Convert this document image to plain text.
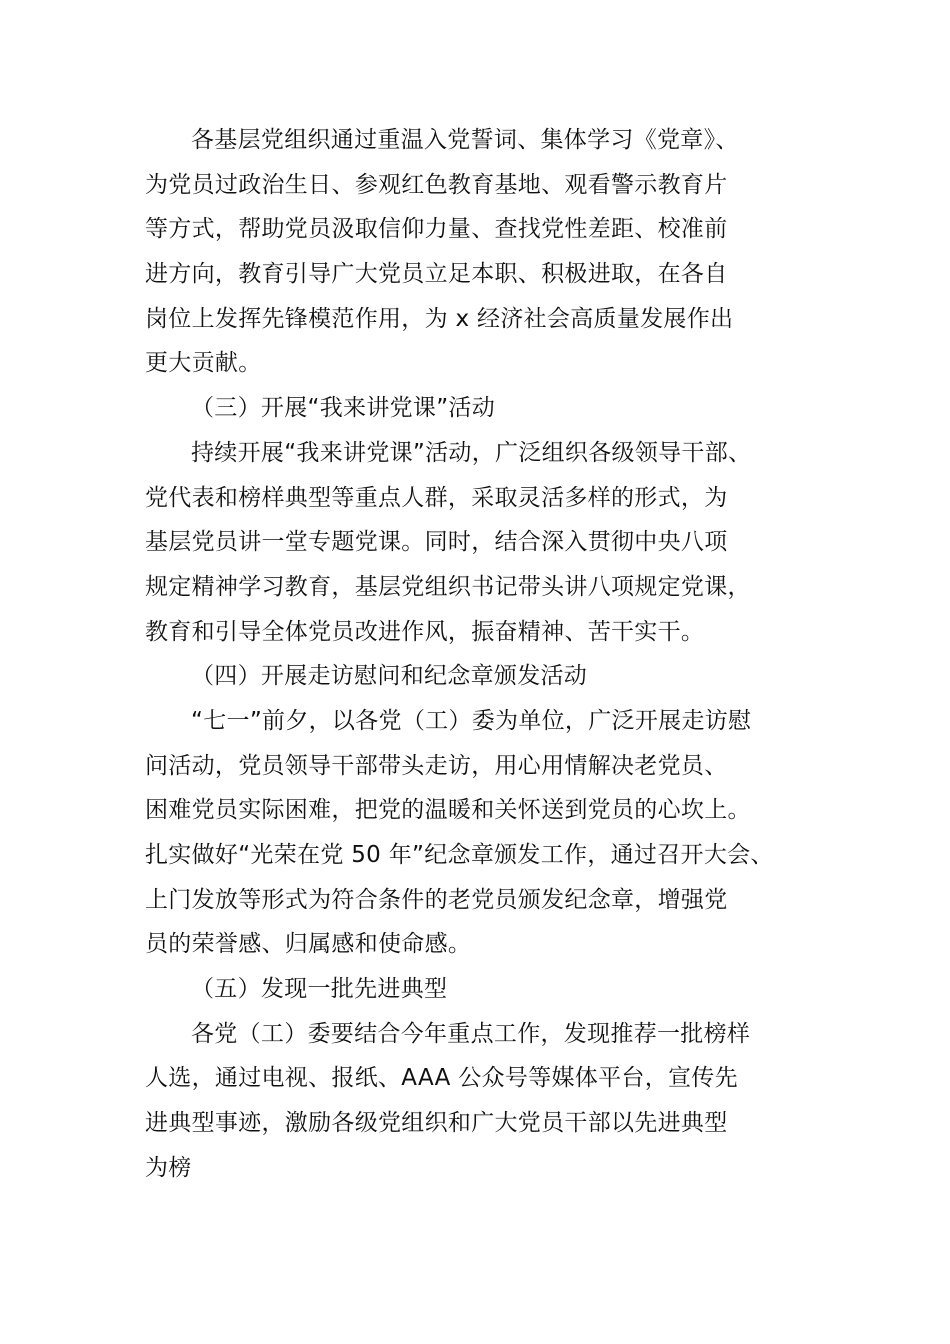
各基层党组织通过重温入党誓词、集体学习《党章》、
为党员过政治生日、参观红色教育基地、观看警示教育片
等方式，帮助党员汲取信仰力量、查找党性差距、校准前
进方向，教育引导广大党员立足本职、积极进取，在各自
岗位上发挥先锋模范作用，为 x 经济社会高质量发展作出
更大贡献。
（三）开展“我来讲党课”活动
持续开展“我来讲党课”活动，广泛组织各级领导干部、
党代表和榜样典型等重点人群，采取灵活多样的形式，为
基层党员讲一堂专题党课。同时，结合深入贯彻中央八项
规定精神学习教育，基层党组织书记带头讲八项规定党课，
教育和引导全体党员改进作风，振奋精神、苦干实干。
（四）开展走访慰问和纪念章颁发活动
“七一”前夕，以各党（工）委为单位，广泛开展走访慰
问活动，党员领导干部带头走访，用心用情解决老党员、
困难党员实际困难，把党的温暖和关怀送到党员的心坎上。
扎实做好“光荣在党 50 年”纪念章颁发工作，通过召开大会、
上门发放等形式为符合条件的老党员颁发纪念章，增强党
员的荣誉感、归属感和使命感。
（五）发现一批先进典型
各党（工）委要结合今年重点工作，发现推荐一批榜样
人选，通过电视、报纸、AAA 公众号等媒体平台，宣传先
进典型事迹，激励各级党组织和广大党员干部以先进典型
为榜
